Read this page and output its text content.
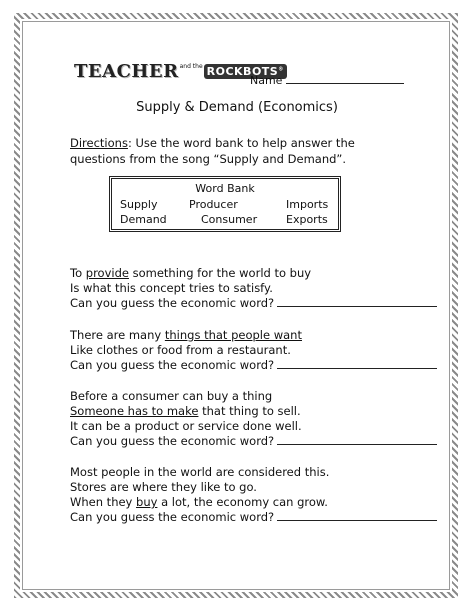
$TEACHER^{and the}$ ROCKBOTS®
Name
Supply & Demand (Economics)
Directions: Use the word bank to help answer the questions from the song “Supply and Demand”.
Word Bank
Supply	Producer	Imports
Demand	Consumer	Exports
To provide something for the world to buy
Is what this concept tries to satisfy.
Can you guess the economic word?
There are many things that people want
Like clothes or food from a restaurant.
Can you guess the economic word?
Before a consumer can buy a thing
Someone has to make that thing to sell.
It can be a product or service done well.
Can you guess the economic word?
Most people in the world are considered this.
Stores are where they like to go.
When they buy a lot, the economy can grow.
Can you guess the economic word?
